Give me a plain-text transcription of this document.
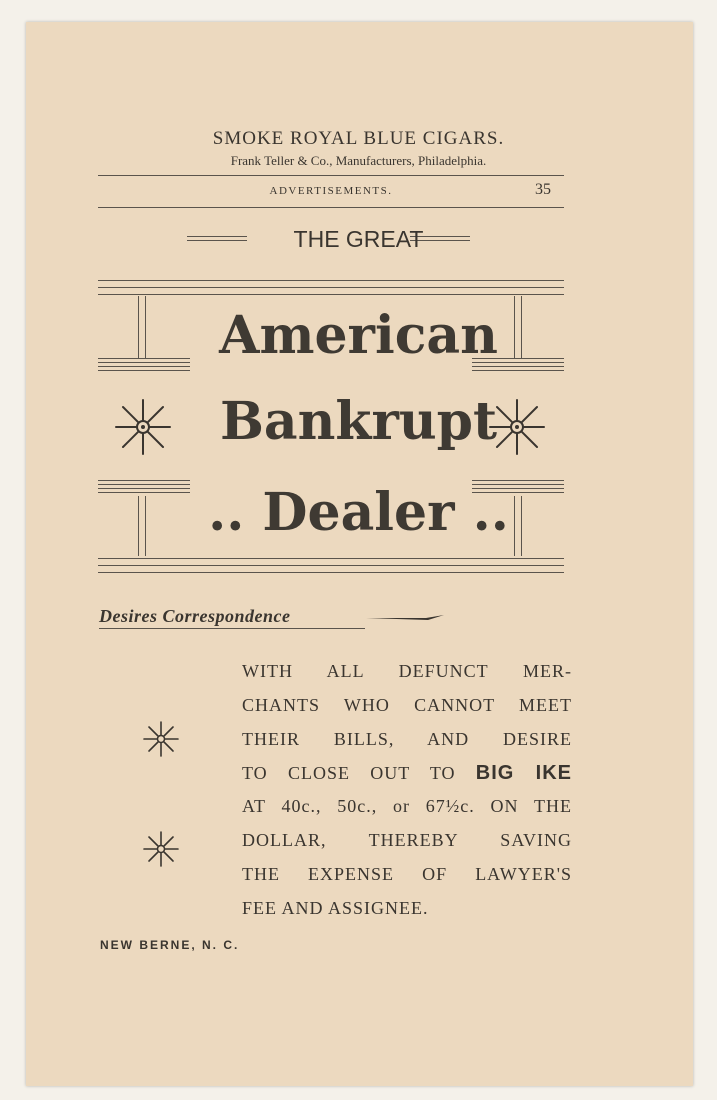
SMOKE ROYAL BLUE CIGARS.
Frank Teller & Co., Manufacturers, Philadelphia.
ADVERTISEMENTS.	35
THE GREAT
American
Bankrupt
.. Dealer ..
Desires Correspondence
WITH ALL DEFUNCT MER-
CHANTS WHO CANNOT MEET
THEIR BILLS, AND DESIRE
TO CLOSE OUT TO BIG IKE
AT 40c., 50c., or 67½c. ON THE
DOLLAR, THEREBY SAVING
THE EXPENSE OF LAWYER'S
FEE AND ASSIGNEE.
NEW BERNE, N. C.
